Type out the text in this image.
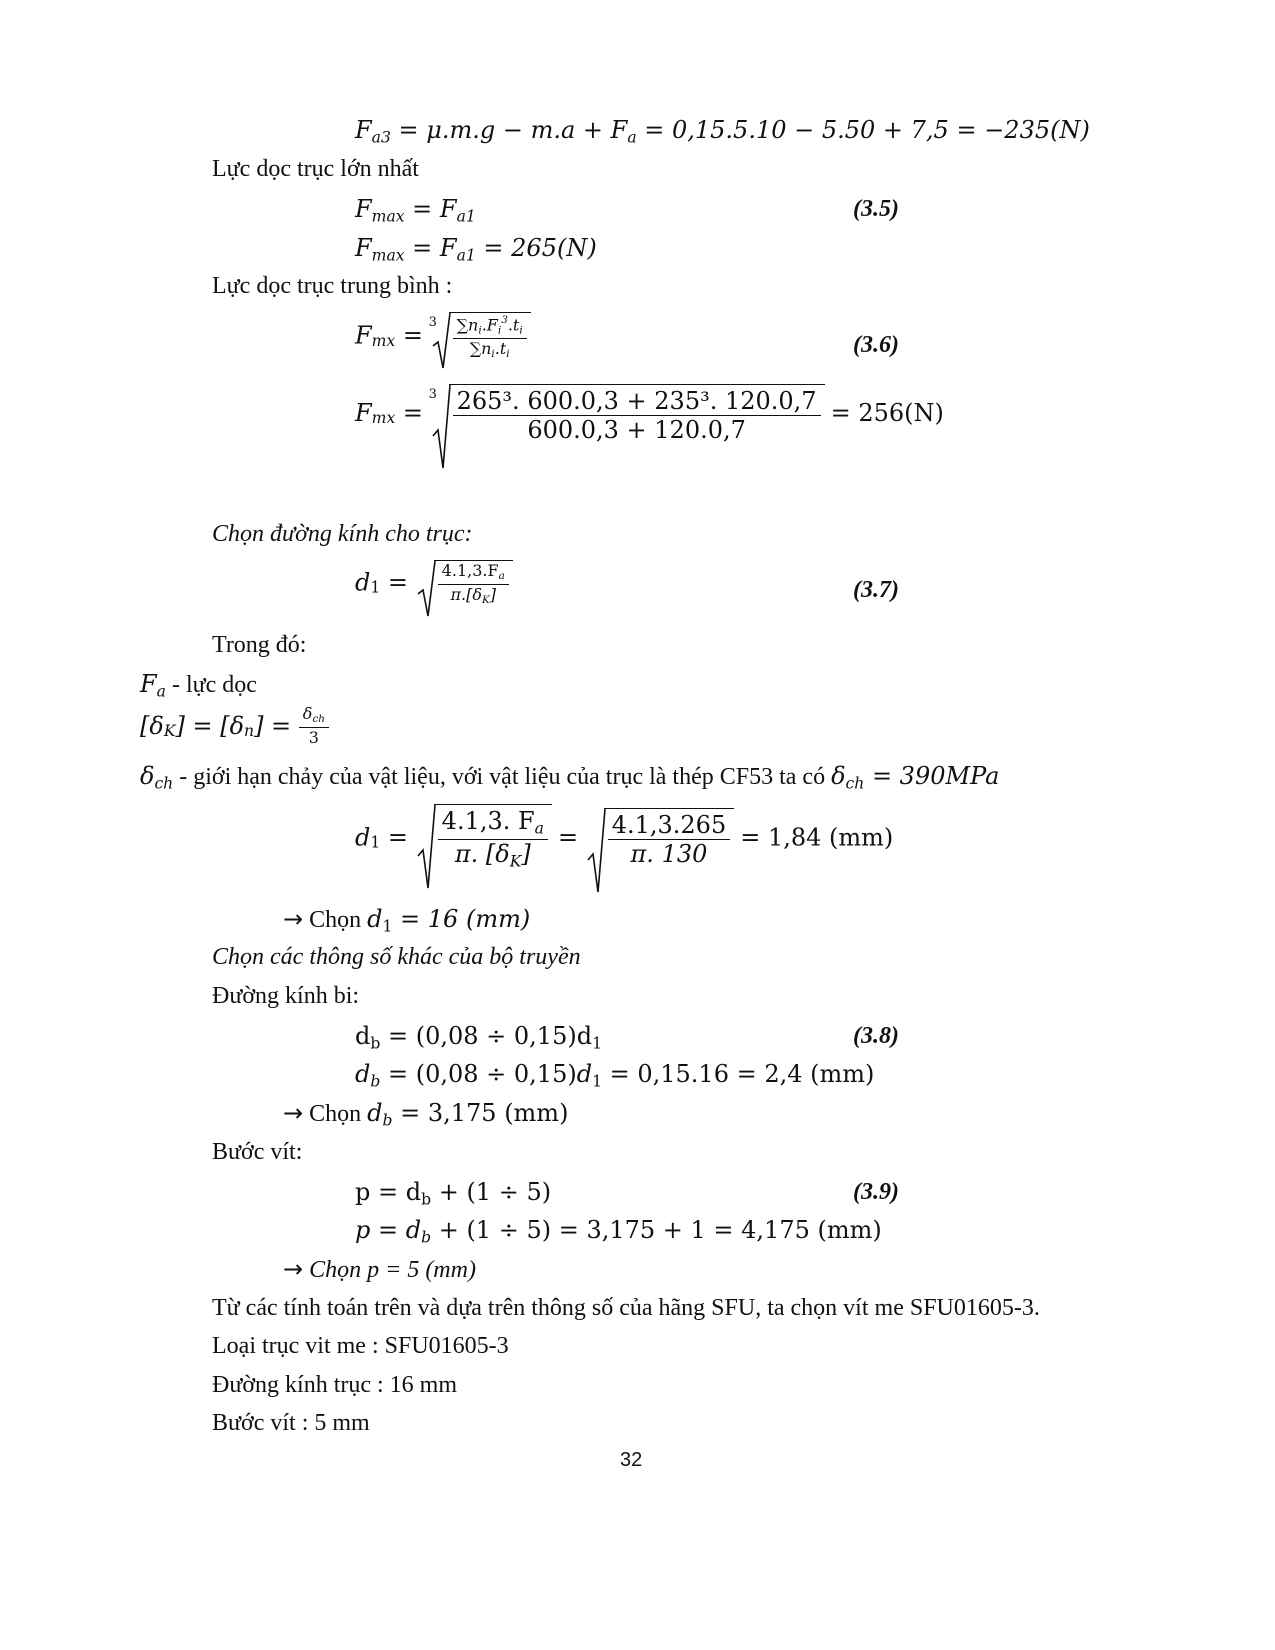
$F_{a3} = \mu.m.g - m.a + F_a = 0,15.5.10 - 5.50 + 7,5 = -235(N)$
Lực dọc trục lớn nhất
$F_{max} = F_{a1}$	(3.5)
$F_{max} = F_{a1} = 265(N)$
Lực dọc trục trung bình :
$F_{mx}$ =
$3 \frac{\sum n_i.F_i^3.t_i}{\sum n_i.t_i}$	(3.6)
$F_{mx}$ =
$3 \frac{\text{265³. 600.0,3 + 235³. 120.0,7}}{600.0,3 + 120.0,7} = 256(N)$
Chọn đường kính cho trục:
$d_1 = \frac{4.1,3.F_a}{\pi.[\delta_K]}$	(3.7)
Trong đó:
$F_a$ - lực dọc
$[\delta_K] = [\delta_n] = \frac{\delta_{ch}}{3}$
$\delta_{ch}$ - giới hạn chảy của vật liệu, với vật liệu của trục là thép CF53 ta có $\delta_{ch} = 390MPa$
$d_1 = \frac{4.1,3. F_a}{\pi. [\delta_K]} = \frac{4.1,3.265}{\pi. 130} = 1,84$ (mm)
→ Chọn $d_1 = 16$ (mm)
Chọn các thông số khác của bộ truyền
Đường kính bi:
$d_b = (0,08 \div 0,15)d_1$	(3.8)
$d_b = (0,08 \div 0,15)d_1 = 0,15.16 = 2,4$ (mm)
→ Chọn $d_b = 3,175$ (mm)
Bước vít:
$p = d_b + (1 \div 5)$	(3.9)
$p = d_b + (1 \div 5) = 3,175 + 1 = 4,175$ (mm)
→ Chọn p = 5 (mm)
Từ các tính toán trên và dựa trên thông số của hãng SFU, ta chọn vít me SFU01605-3.
Loại trục vit me : SFU01605-3
Đường kính trục : 16 mm
Bước vít : 5 mm
32
